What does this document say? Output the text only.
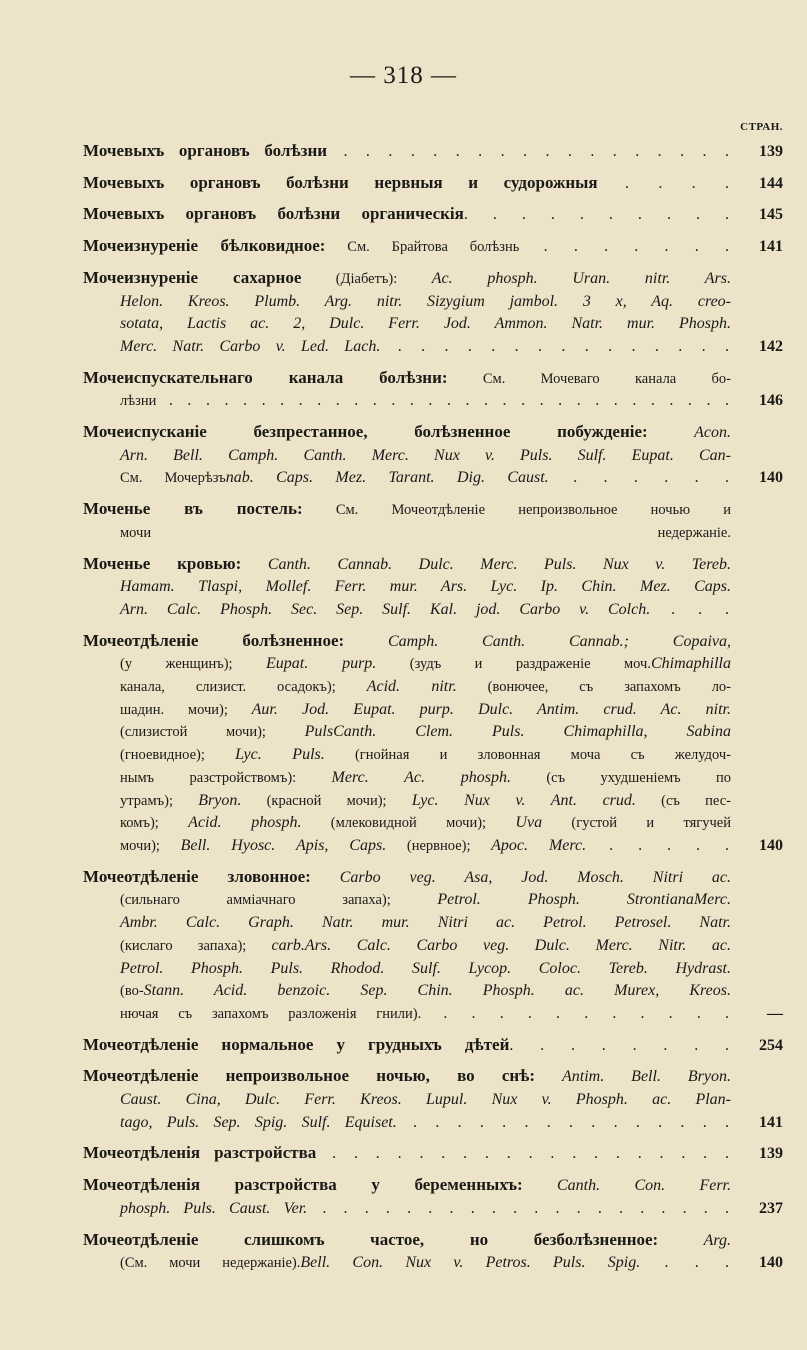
— 318 —
СТРАН.
Мочевыхъ органовъ болѣзни . . . . . . . . . . . . . . . . . .	139
Мочевыхъ органовъ болѣзни нервныя и судорожныя . . . .	144
Мочевыхъ органовъ болѣзни органическія. . . . . . . . . .	145
Мочеизнуреніе бѣлковидное: См. Брайтова болѣзнь . . . . . . .	141
Мочеизнуреніе сахарное (Діабетъ): Ac. phosph. Uran. nitr. Ars.
Helon. Kreos. Plumb. Arg. nitr. Sizygium jambol. 3 x, Aq. creo-
sotata, Lactis ac. 2, Dulc. Ferr. Jod. Ammon. Natr. mur. Phosph.
Merc. Natr. Carbo v. Led. Lach. . . . . . . . . . . . . . . .	142
Мочеиспускательнаго канала болѣзни: См. Мочеваго канала бо-
лѣзни . . . . . . . . . . . . . . . . . . . . . . . . . . . . . . .	146
Мочеиспусканіе безпрестанное, болѣзненное побужденіе: Acon.
Arn. Bell. Camph. Canth. Merc. Nux v. Puls. Sulf. Eupat. Can-
См. Мочерѣзъnab. Caps. Mez. Tarant. Dig. Caust. . . . . . .	140
Моченье въ постель: См. Мочеотдѣленіе непроизвольное ночью и
мочи недержаніе.
Моченье кровью: Canth. Cannab. Dulc. Merc. Puls. Nux v. Tereb.
Hamam. Tlaspi, Mollef. Ferr. mur. Ars. Lyc. Ip. Chin. Mez. Caps.
Arn. Calc. Phosph. Sec. Sep. Sulf. Kal. jod. Carbo v. Colch. . . .
Мочеотдѣленіе болѣзненное: Camph. Canth. Cannab.; Copaiva,
(у женщинъ); Eupat. purp. (зудъ и раздраженіе моч.Chimaphilla
канала, слизист. осадокъ); Acid. nitr. (вонючее, съ запахомъ ло-
шадин. мочи); Aur. Jod. Eupat. purp. Dulc. Antim. crud. Ac. nitr.
(слизистой мочи); PulsCanth. Clem. Puls. Chimaphilla, Sabina
(гноевидное); Lyc. Puls. (гнойная и зловонная моча съ желудоч-
нымъ разстройствомъ): Merc. Ac. phosph. (съ ухудшеніемъ по
утрамъ); Bryon. (красной мочи); Lyc. Nux v. Ant. crud. (съ пес-
комъ); Acid. phosph. (млековидной мочи); Uva (густой и тягучей
мочи); Bell. Hyosc. Apis, Caps. (нервное); Apoc. Merc. . . . . .	140
Мочеотдѣленіе зловонное: Carbo veg. Asa, Jod. Mosch. Nitri ac.
(сильнаго амміачнаго запаха); Petrol. Phosph. StrontianaMerc.
Ambr. Calc. Graph. Natr. mur. Nitri ac. Petrol. Petrosel. Natr.
(кислаго запаха); carb.Ars. Calc. Carbo veg. Dulc. Merc. Nitr. ac.
Petrol. Phosph. Puls. Rhodod. Sulf. Lycop. Coloc. Tereb. Hydrast.
(во-Stann. Acid. benzoic. Sep. Chin. Phosph. ac. Murex, Kreos.
нючая съ запахомъ разложенія гнили). . . . . . . . . . . .	—
Мочеотдѣленіе нормальное у грудныхъ дѣтей. . . . . . . .	254
Мочеотдѣленіе непроизвольное ночью, во снѣ: Antim. Bell. Bryon.
Caust. Cina, Dulc. Ferr. Kreos. Lupul. Nux v. Phosph. ac. Plan-
tago, Puls. Sep. Spig. Sulf. Equiset. . . . . . . . . . . . . . . .	141
Мочеотдѣленія разстройства . . . . . . . . . . . . . . . . . . .	139
Мочеотдѣленія разстройства у беременныхъ: Canth. Con. Ferr.
phosph. Puls. Caust. Ver. . . . . . . . . . . . . . . . . . . . .	237
Мочеотдѣленіе слишкомъ частое, но безболѣзненное: Arg.
(См. мочи недержаніе).Bell. Con. Nux v. Petros. Puls. Spig. . . .	140
